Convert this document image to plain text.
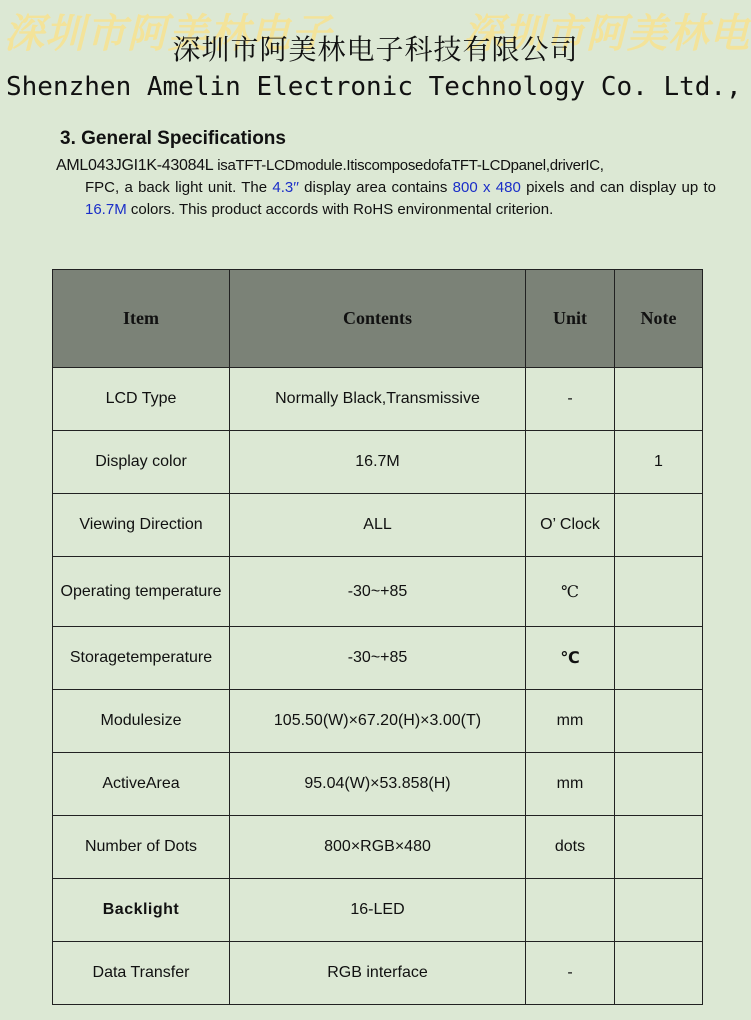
深圳市阿美林电子	深圳市阿美林电
深圳市阿美林电子科技有限公司
Shenzhen Amelin Electronic Technology Co. Ltd.,
3. General Specifications
AML043JGI1K-43084L isaTFT-LCDmodule.ItiscomposedofaTFT-LCDpanel,driverIC,
FPC, a back light unit. The 4.3′′ display area contains 800 x 480 pixels and can display up to 16.7M colors. This product accords with RoHS environmental criterion.
Item	Contents	Unit	Note
LCD Type	Normally Black,Transmissive	-	
Display color	16.7M		1
Viewing Direction	ALL	O’ Clock	
Operating temperature	-30~+85	℃	
Storagetemperature	-30~+85	℃	
Modulesize	105.50(W)×67.20(H)×3.00(T)	mm	
ActiveArea	95.04(W)×53.858(H)	mm	
Number of Dots	800×RGB×480	dots	
Backlight	16-LED		
Data Transfer	RGB interface	-	
